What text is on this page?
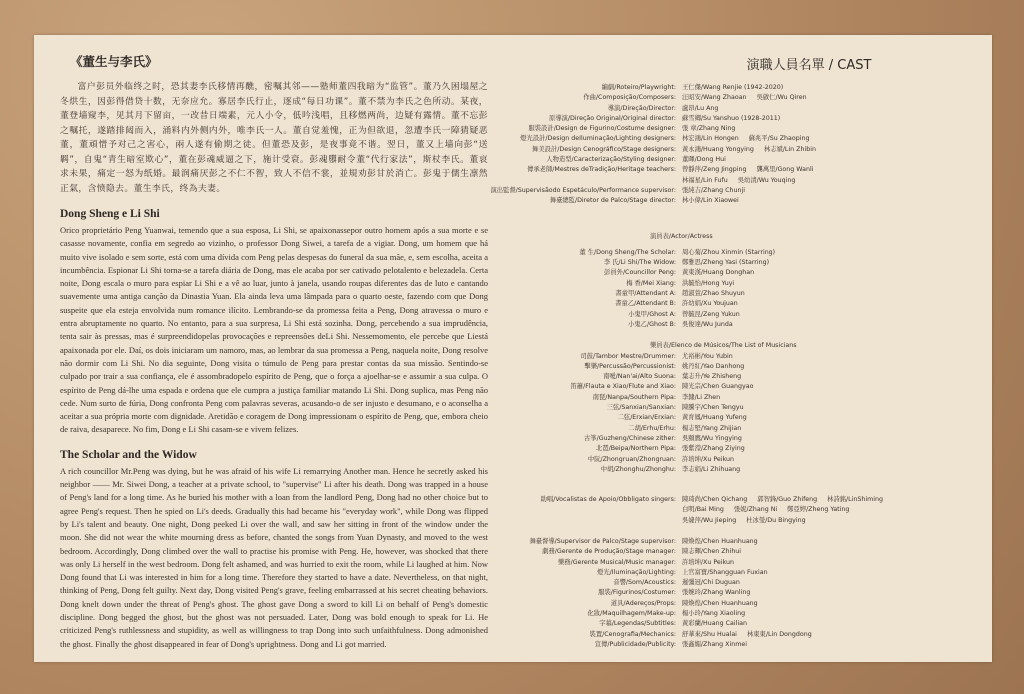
《董生与李氏》

富户彭员外临终之时，恐其妻李氏移情再醮，密嘱其邻——塾师董四我暗为“监管”。董乃久困塌屋之冬烘生，因彭得借贷十数，无奈应允。寡居李氏行止，逐成“每日功课”。董不禁为李氏之色所动。某夜，董登墙窥李，见其月下留亩，一改昔日端素，元人小令，低吟浅唱，且移燃两尚，边疑有露情。董不忘彭之嘱托，遂踏排闼而入，涌料内外侧内外，唯李氏一人。董自觉羞愧，正为但欲退，忽遭李氏一障猜疑恶董，董頑惜予对己之害心，兩人遂有偷期之徒。但董恐及彭，是夜事竟不谐。翌日，董又上墙向彭“送羁”，自鬼“青生暗室欺心”，董在彭魂威逼之下，施计受衰。彭魂隳耐令董“代行家法”，斯杖李氏。董哀求未果，痛定一怒为纸婚。最润痛厌彭之不仁不智，致人不信不裳，並規劝彭甘於消亡。彭鬼于儒生凛然正氣，含愤隐去。董生李氏，终為夫妻。

Dong Sheng e Li Shi

Orico proprietário Peng Yuanwai, temendo que a sua esposa, Li Shi, se apaixonassepor outro homem após a sua morte e se casasse novamente, confia em segredo ao vizinho, o professor Dong Siwei, a tarefa de a vigiar. Dong, um homem que há muito vive isolado e sem sorte, está com uma dívida com Peng pelas despesas do funeral da sua mãe, e, sem escolha, aceita a incumbência. Espionar Li Shi torna-se a tarefa diária de Dong, mas ele acaba por ser cativado pelotalento e belezadela. Certa noite, Dong escala o muro para espiar Li Shi e a vê ao luar, junto à janela, usando roupas diferentes das de luto e cantando suavemente uma antiga canção da Dinastia Yuan. Ela ainda leva uma lâmpada para o quarto oeste, fazendo com que Dong suspeite que ela esteja envolvida num romance ilícito. Lembrando-se da promessa feita a Peng, Dong atravessa o muro e entra abruptamente no quarto. No entanto, para a sua surpresa, Li Shi está sozinha. Dong, percebendo a sua imprudência, tenta sair às pressas, mas é surpreendidopelas provocações e repreensões deLi Shi. Nessemomento, ele percebe que Liestá apaixonada por ele. Daí, os dois iniciaram um namoro, mas, ao lembrar da sua promessa a Peng, naquela noite, Dong resolve não dormir com Li Shi. No dia seguinte, Dong visita o túmulo de Peng para prestar contas da sua missão. Sentindo-se culpado por trair a sua confiança, ele é assombradopelo espírito de Peng, que o força a ajoelhar-se e assumir a sua culpa. O espírito de Peng dá-lhe uma espada e ordena que ele cumpra a justiça familiar matando Li Shi. Dong suplica, mas Peng não cede. Num surto de fúria, Dong confronta Peng com palavras severas, acusando-o de ser injusto e desumano, e o aconselha a aceitar a sua própria morte com dignidade. Aretidão e coragem de Dong impressionam o espírito de Peng, que, embora cheio de raiva, desaparece. No fim, Dong e Li Shi casam-se e vivem felizes.

The Scholar and the Widow

A rich councillor Mr.Peng was dying, but he was afraid of his wife Li remarrying Another man. Hence he secretly asked his neighbor —— Mr. Siwei Dong, a teacher at a private school, to "supervise" Li after his death. Dong was trapped in a house of Peng's land for a long time. As he buried his mother with a loan from the landlord Peng, Dong had no other choice but to agree Peng's request. Then he spied on Li's deeds. Gradually this had became his "everyday work", while Dong was flipped by Li's talent and beauty. One night, Dong peeked Li over the wall, and saw her sitting in front of the window under the moon. She did not wear the white mourning dress as before, chanted the songs from Yuan Dynasty, and moved to the west bedroom. Accordingly, Dong climbed over the wall to practise his promise with Peng. He, however, was shocked that there was only Li herself in the west bedroom. Dong felt ashamed, and was hurried to exit the room, while Li laughed at him. Now Dong found that Li was interested in him for a long time. Therefore they started to have a date. Nevertheless, on that night, thinking of Peng, Dong felt guilty. Next day, Dong visited Peng's grave, feeling embarrassed at his secret cheating behaviors. Dong knelt down under the threat of Peng's ghost. The ghost gave Dong a sword to kill Li on behalf of Peng's domestic discipline. Dong begged the ghost, but the ghost was not persuaded. Later, Dong was bold enough to speak for Li. He criticized Peng's ruthlessness and stupidity, as well as willingness to trap Dong into such unfaithfulness. Dong admonished the ghost. Finally the ghost disappeared in fear of Dong's uprightness. Dong and Li got married.

演職人員名單 / CAST
編劇/Roteiro/Playwright: 王仁傑/Wang Renjie (1942-2020)
作曲/Composição/Composers: 汪昭安/Wang Zhaoan 吳啟仁/Wu Qiren
導演/Direção/Director: 盧昂/Lu Ang
原導演/Direção Original/Original director: 蘇雪卿/Su Yanshuo (1928-2011)
服裝設計/Design de Figurino/Costume designer: 張 章/Zhang Ning
燈光設計/Design deIluminação/Lighting designers: 林宏鴻/Lin Hongen 蘇兆平/Su Zhaoping
舞美設計/Design Cenográfico/Stage designers: 黃永鴻/Huang Yongying 林志斌/Lin Zhibin
人物造型/Caracterização/Styling designer: 董暉/Dong Hui
傳承老師/Mestres deTradição/Heritage teachers: 曾靜萍/Zeng Jingping 龔萬里/Gong Wanli
林福星/Lin Fufu 吳幼清/Wu Youqing
演出監督/Supervisãodo Espetáculo/Performance supervisor: 張純吉/Zhang Chunji
舞臺總監/Diretor de Palco/Stage director: 林小偉/Lin Xiaowei
演員表/Actor/Actress
董 生/Dong Sheng/The Scholar: 周心菊/Zhou Xinmin (Starring)
李 氏/Li Shi/The Widow: 鄭雅思/Zheng Yasi (Starring)
彭員外/Councillor Peng: 黃東漢/Huang Donghan
梅 香/Mei Xiang: 洪毓怡/Hong Yuyi
書童甲/Attendant A: 趙淑萱/Zhao Shuyun
書童乙/Attendant B: 許幼娟/Xu Youjuan
小鬼甲/Ghost A: 曾毓昆/Zeng Yukun
小鬼乙/Ghost B: 吳俊達/Wu Junda
樂員表/Elenco de Músicos/The List of Musicians
司鼓/Tambor Mestre/Drummer: 尤裕彬/You Yubin
擊樂/Percussão/Percussionist: 姚丹紅/Yao Danhong
南噯/Nan'ai/Alto Suona: 葉志升/Ye Zhisheng
笛簫/Flauta e Xiao/Flute and Xiao: 陳光宗/Chen Guangyao
南琵/Nanpa/Southern Pipa: 李隸/Li Zhen
三弦/Sanxian/Sanxian: 陳騰宇/Chen Tengyu
二弦/Erxian/Erxian: 黃育鳳/Huang Yufeng
二胡/Erhu/Erhu: 楊志堅/Yang Zhijian
古箏/Guzheng/Chinese zither: 吳頤鷹/Wu Yingying
北琶/Beipa/Northern Pipa: 張紫瀅/Zhang Ziying
中阮/Zhongruan/Zhongruan: 許培坤/Xu Peikun
中胡/Zhonghu/Zhonghu: 李志娟/Li Zhihuang
助唱/Vocalistas de Apoio/Obbligato singers: 陳琦尚/Chen Qichang 郭智鋒/Guo Zhifeng 林詩銘/LinShiming
白明/Bai Ming 張妮/Zhang Ni 鄭亞婷/Zheng Yating
吳婕萍/Wu Jieping 杜冰瑩/Du Bingying
舞臺督導/Supervisor de Palco/Stage supervisor: 陳煥煌/Chen Huanhuang
劇務/Gerente de Produção/Stage manager: 陳志輝/Chen Zhihui
樂務/Gerente Musical/Music manager: 許培坤/Xu Peikun
燈光/Iluminação/Lighting: 上官富寶/Shangguan Fuxian
音響/Som/Acoustics: 遲彊冠/Chi Duguan
服裝/Figurinos/Costumer: 張婉玲/Zhang Wanling
道具/Adereços/Props: 陳煥煌/Chen Huanhuang
化妝/Maquilhagem/Make-up: 楊小玲/Yang Xiaoling
字幕/Legendas/Subtitles: 黃彩蘭/Huang Cailian
裝置/Cenografia/Mechanics: 舒華來/Shu Hualai 林東東/Lin Dongdong
宣傳/Publicidade/Publicity: 張鑫媚/Zhang Xinmei
